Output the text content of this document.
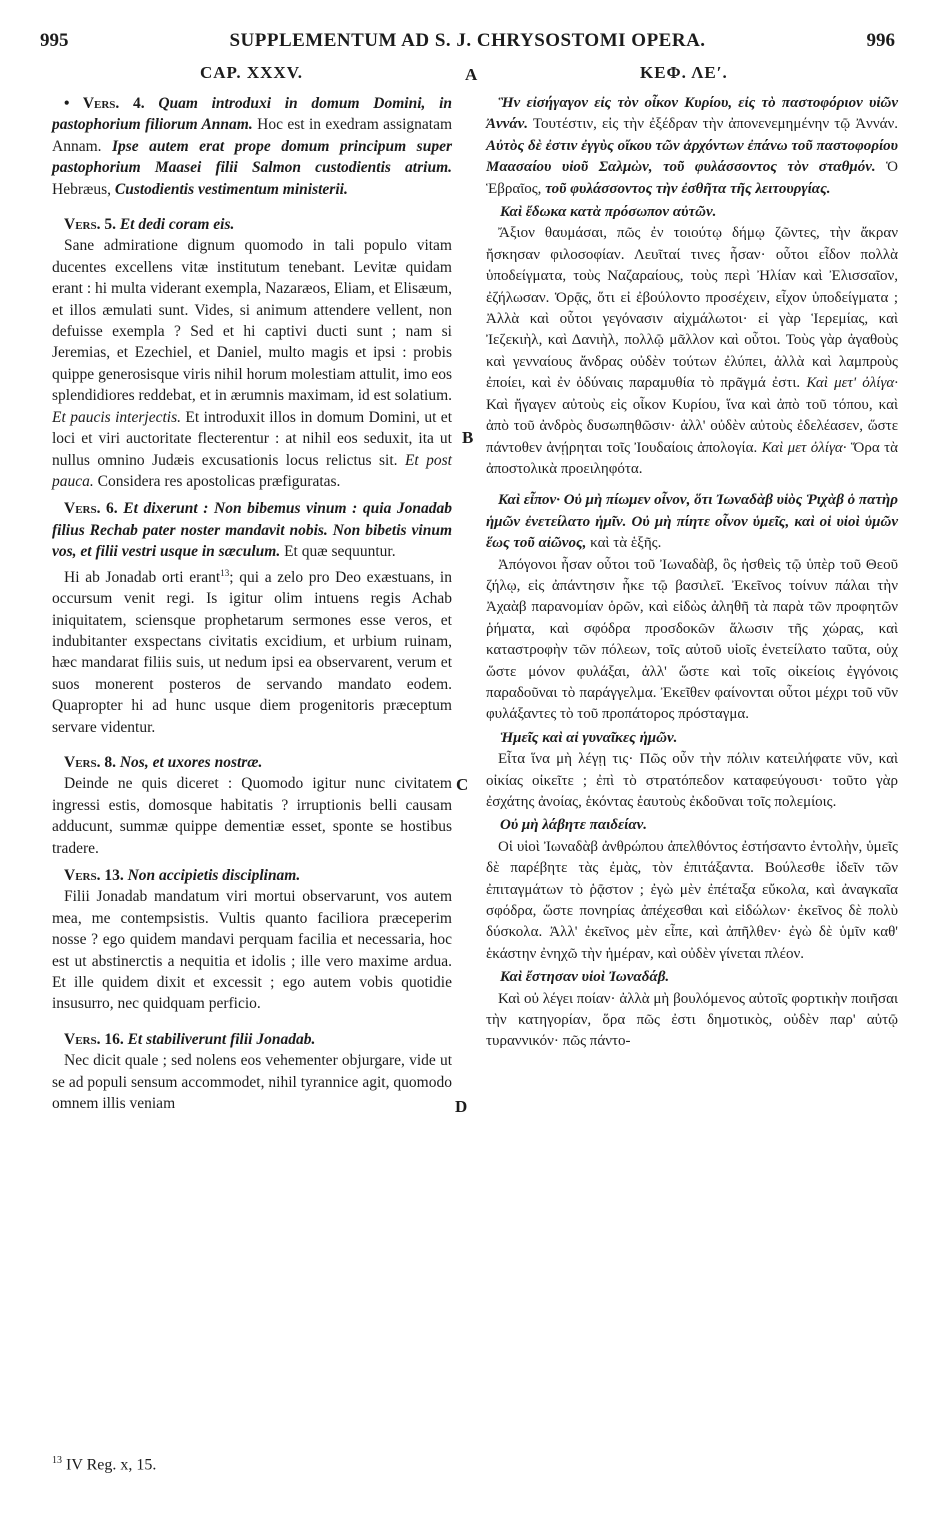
995	SUPPLEMENTUM AD S. J. CHRYSOSTOMI OPERA.	996
CAP. XXXV.	A	ΚΕΦ. ΛΕʹ.
B
C
D

• Vers. 4. Quam introduxi in domum Domini, in pastophorium filiorum Annam. Hoc est in exedram assignatam Annam. Ipse autem erat prope domum principum super pastophorium Maasei filii Salmon custodientis atrium. Hebræus, Custodientis vestimentum ministerii.

Vers. 5. Et dedi coram eis.

Sane admiratione dignum quomodo in tali populo vitam ducentes excellens vitæ institutum tenebant. Levitæ quidam erant : hi multa viderant exempla, Nazaræos, Eliam, et Elisæum, et illos æmulati sunt. Vides, si animum attendere vellent, non defuisse exempla ? Sed et hi captivi ducti sunt ; nam si Jeremias, et Ezechiel, et Daniel, multo magis et ipsi : probis quippe generosisque viris nihil horum molestiam attulit, imo eos splendidiores reddebat, et in ærumnis maximam, id est solatium. Et paucis interjectis. Et introduxit illos in domum Domini, ut et loci et viri auctoritate flecterentur : at nihil eos seduxit, ita ut nullus omnino Judæis excusationis locus relictus sit. Et post pauca. Considera res apostolicas præfiguratas.

Vers. 6. Et dixerunt : Non bibemus vinum : quia Jonadab filius Rechab pater noster mandavit nobis. Non bibetis vinum vos, et filii vestri usque in sæculum. Et quæ sequuntur.

Hi ab Jonadab orti erant$^{13}$; qui a zelo pro Deo exæstuans, in occursum venit regi. Is igitur olim intuens regis Achab iniquitatem, sciensque prophetarum sermones esse veros, et indubitanter exspectans civitatis excidium, et urbium ruinam, hæc mandarat filiis suis, ut nedum ipsi ea observarent, verum et suos monerent posteros de servando mandato eodem. Quapropter hi ad hunc usque diem progenitoris præceptum servare videntur.

Vers. 8. Nos, et uxores nostræ.

Deinde ne quis diceret : Quomodo igitur nunc civitatem ingressi estis, domosque habitatis ? irruptionis belli causam adducunt, summæ quippe dementiæ esset, sponte se hostibus tradere.

Vers. 13. Non accipietis disciplinam.

Filii Jonadab mandatum viri mortui observarunt, vos autem mea, me contempsistis. Vultis quanto faciliora præceperim nosse ? ego quidem mandavi perquam facilia et necessaria, hoc est ut abstinerctis a nequitia et idolis ; ille vero maxime ardua. Et ille quidem dixit et excessit ; ego autem vobis quotidie insusurro, nec quidquam perficio.

Vers. 16. Et stabiliverunt filii Jonadab.

Nec dicit quale ; sed nolens eos vehementer objurgare, vide ut se ad populi sensum accommodet, nihil tyrannice agit, quomodo omnem illis veniam

Ἣν εἰσήγαγον εἰς τὸν οἶκον Κυρίου, εἰς τὸ παστοφόριον υἱῶν Ἀννάν. Τουτέστιν, εἰς τὴν ἐξέδραν τὴν ἀπονενεμημένην τῷ Ἀννάν. Αὐτὸς δὲ ἐστιν ἐγγὺς οἴκου τῶν ἀρχόντων ἐπάνω τοῦ παστοφορίου Μαασαίου υἱοῦ Σαλμὼν, τοῦ φυλάσσοντος τὸν σταθμόν. Ὁ Ἑβραῖος, τοῦ φυλάσσοντος τὴν ἐσθῆτα τῆς λειτουργίας.

Καὶ ἔδωκα κατὰ πρόσωπον αὐτῶν.

Ἄξιον θαυμάσαι, πῶς ἐν τοιούτῳ δήμῳ ζῶντες, τὴν ἄκραν ἤσκησαν φιλοσοφίαν. Λευῖταί τινες ἦσαν· οὗτοι εἶδον πολλὰ ὑποδείγματα, τοὺς Ναζαραίους, τοὺς περὶ Ἠλίαν καὶ Ἐλισσαῖον, ἐζήλωσαν. Ὁρᾷς, ὅτι εἰ ἐβούλοντο προσέχειν, εἶχον ὑποδείγματα ; Ἀλλὰ καὶ οὗτοι γεγόνασιν αἰχμάλωτοι· εἰ γὰρ Ἱερεμίας, καὶ Ἰεζεκιὴλ, καὶ Δανιὴλ, πολλῷ μᾶλλον καὶ οὗτοι. Τοὺς γὰρ ἀγαθοὺς καὶ γενναίους ἄνδρας οὐδὲν τούτων ἐλύπει, ἀλλὰ καὶ λαμπροὺς ἐποίει, καὶ ἐν ὀδύναις παραμυθία τὸ πρᾶγμά ἐστι. Καὶ μετ' ὀλίγα· Καὶ ἤγαγεν αὐτοὺς εἰς οἶκον Κυρίου, ἵνα καὶ ἀπὸ τοῦ τόπου, καὶ ἀπὸ τοῦ ἀνδρὸς δυσωπηθῶσιν· ἀλλ' οὐδὲν αὐτοὺς ἐδελέασεν, ὥστε πάντοθεν ἀνῄρηται τοῖς Ἰουδαίοις ἀπολογία. Καὶ μετ ὀλίγα· Ὅρα τὰ ἀποστολικὰ προειληφότα.

Καὶ εἶπον· Οὐ μὴ πίωμεν οἶνον, ὅτι Ἰωναδὰβ υἱὸς Ῥιχὰβ ὁ πατὴρ ἡμῶν ἐνετείλατο ἡμῖν. Οὐ μὴ πίητε οἶνον ὑμεῖς, καὶ οἱ υἱοὶ ὑμῶν ἕως τοῦ αἰῶνος, καὶ τὰ ἑξῆς.

Ἀπόγονοι ἦσαν οὗτοι τοῦ Ἰωναδὰβ, ὃς ἠσθεὶς τῷ ὑπὲρ τοῦ Θεοῦ ζήλῳ, εἰς ἀπάντησιν ἧκε τῷ βασιλεῖ. Ἐκεῖνος τοίνυν πάλαι τὴν Ἀχαὰβ παρανομίαν ὁρῶν, καὶ εἰδὼς ἀληθῆ τὰ παρὰ τῶν προφητῶν ῥήματα, καὶ σφόδρα προσδοκῶν ἅλωσιν τῆς χώρας, καὶ καταστροφὴν τῶν πόλεων, τοῖς αὐτοῦ υἱοῖς ἐνετείλατο ταῦτα, οὐχ ὥστε μόνον φυλάξαι, ἀλλ' ὥστε καὶ τοῖς οἰκείοις ἐγγόνοις παραδοῦναι τὸ παράγγελμα. Ἐκεῖθεν φαίνονται οὗτοι μέχρι τοῦ νῦν φυλάξαντες τὸ τοῦ προπάτορος πρόσταγμα.

Ἡμεῖς καὶ αἱ γυναῖκες ἡμῶν.

Εἶτα ἵνα μὴ λέγῃ τις· Πῶς οὖν τὴν πόλιν κατειλήφατε νῦν, καὶ οἰκίας οἰκεῖτε ; ἐπὶ τὸ στρατόπεδον καταφεύγουσι· τοῦτο γὰρ ἐσχάτης ἀνοίας, ἑκόντας ἑαυτοὺς ἐκδοῦναι τοῖς πολεμίοις.

Οὐ μὴ λάβητε παιδείαν.

Οἱ υἱοὶ Ἰωναδὰβ ἀνθρώπου ἀπελθόντος ἐστήσαντο ἐντολὴν, ὑμεῖς δὲ παρέβητε τὰς ἐμὰς, τὸν ἐπιτάξαντα. Βούλεσθε ἰδεῖν τῶν ἐπιταγμάτων τὸ ῥᾷστον ; ἐγὼ μὲν ἐπέταξα εὔκολα, καὶ ἀναγκαῖα σφόδρα, ὥστε πονηρίας ἀπέχεσθαι καὶ εἰδώλων· ἐκεῖνος δὲ πολὺ δύσκολα. Ἀλλ' ἐκεῖνος μὲν εἶπε, καὶ ἀπῆλθεν· ἐγὼ δὲ ὑμῖν καθ' ἑκάστην ἐνηχῶ τὴν ἡμέραν, καὶ οὐδὲν γίνεται πλέον.

Καὶ ἔστησαν υἱοὶ Ἰωναδάβ.

Καὶ οὐ λέγει ποίαν· ἀλλὰ μὴ βουλόμενος αὐτοῖς φορτικὴν ποιῆσαι τὴν κατηγορίαν, ὅρα πῶς ἐστι δημοτικὸς, οὐδὲν παρ' αὐτῷ τυραννικόν· πῶς πάντο-

$^{13}$ IV Reg. x, 15.
